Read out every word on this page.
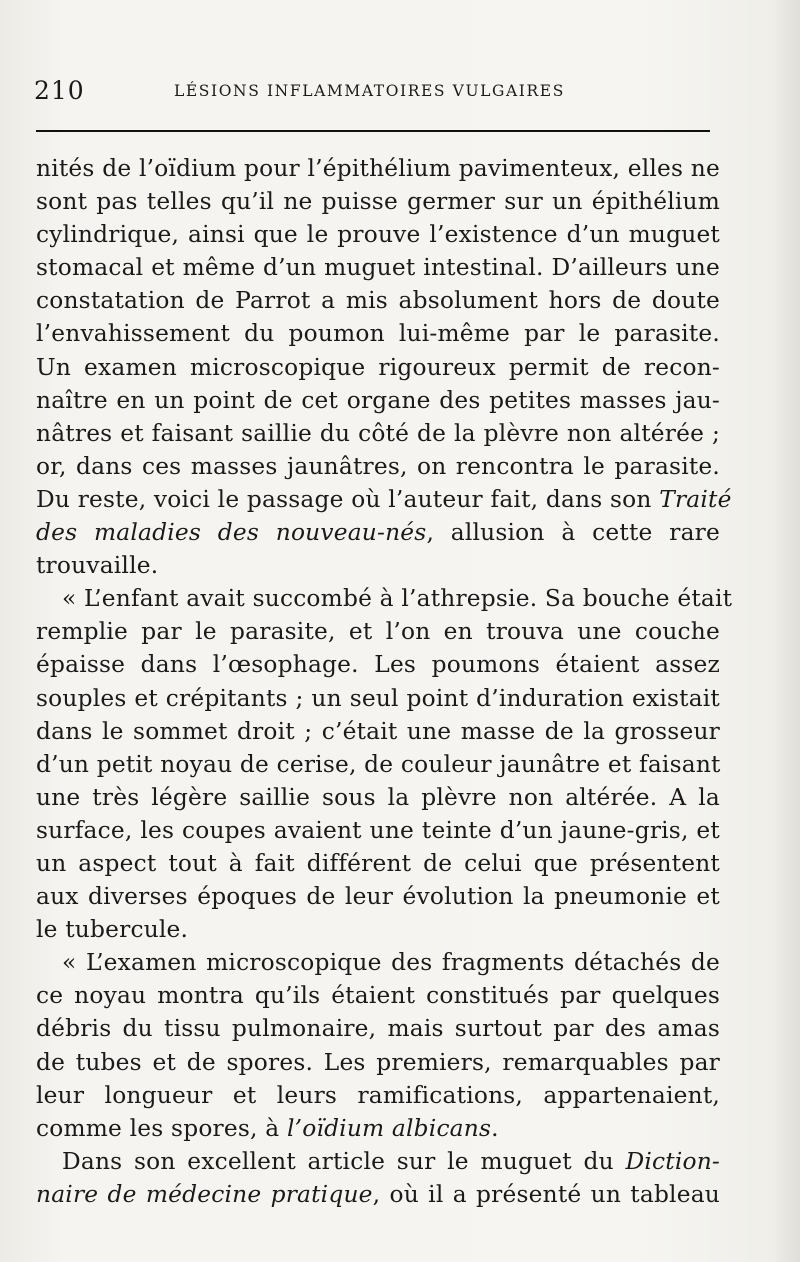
210	LÉSIONS INFLAMMATOIRES VULGAIRES
nités de l’oïdium pour l’épithélium pavimenteux, elles ne
sont pas telles qu’il ne puisse germer sur un épithélium
cylindrique, ainsi que le prouve l’existence d’un muguet
stomacal et même d’un muguet intestinal. D’ailleurs une
constatation de Parrot a mis absolument hors de doute
l’envahissement du poumon lui-même par le parasite.
Un examen microscopique rigoureux permit de recon-
naître en un point de cet organe des petites masses jau-
nâtres et faisant saillie du côté de la plèvre non altérée ;
or, dans ces masses jaunâtres, on rencontra le parasite.
Du reste, voici le passage où l’auteur fait, dans son Traité
des maladies des nouveau-nés, allusion à cette rare
trouvaille.
« L’enfant avait succombé à l’athrepsie. Sa bouche était
remplie par le parasite, et l’on en trouva une couche
épaisse dans l’œsophage. Les poumons étaient assez
souples et crépitants ; un seul point d’induration existait
dans le sommet droit ; c’était une masse de la grosseur
d’un petit noyau de cerise, de couleur jaunâtre et faisant
une très légère saillie sous la plèvre non altérée. A la
surface, les coupes avaient une teinte d’un jaune-gris, et
un aspect tout à fait différent de celui que présentent
aux diverses époques de leur évolution la pneumonie et
le tubercule.
« L’examen microscopique des fragments détachés de
ce noyau montra qu’ils étaient constitués par quelques
débris du tissu pulmonaire, mais surtout par des amas
de tubes et de spores. Les premiers, remarquables par
leur longueur et leurs ramifications, appartenaient,
comme les spores, à l’oïdium albicans.
Dans son excellent article sur le muguet du Diction-
naire de médecine pratique, où il a présenté un tableau
